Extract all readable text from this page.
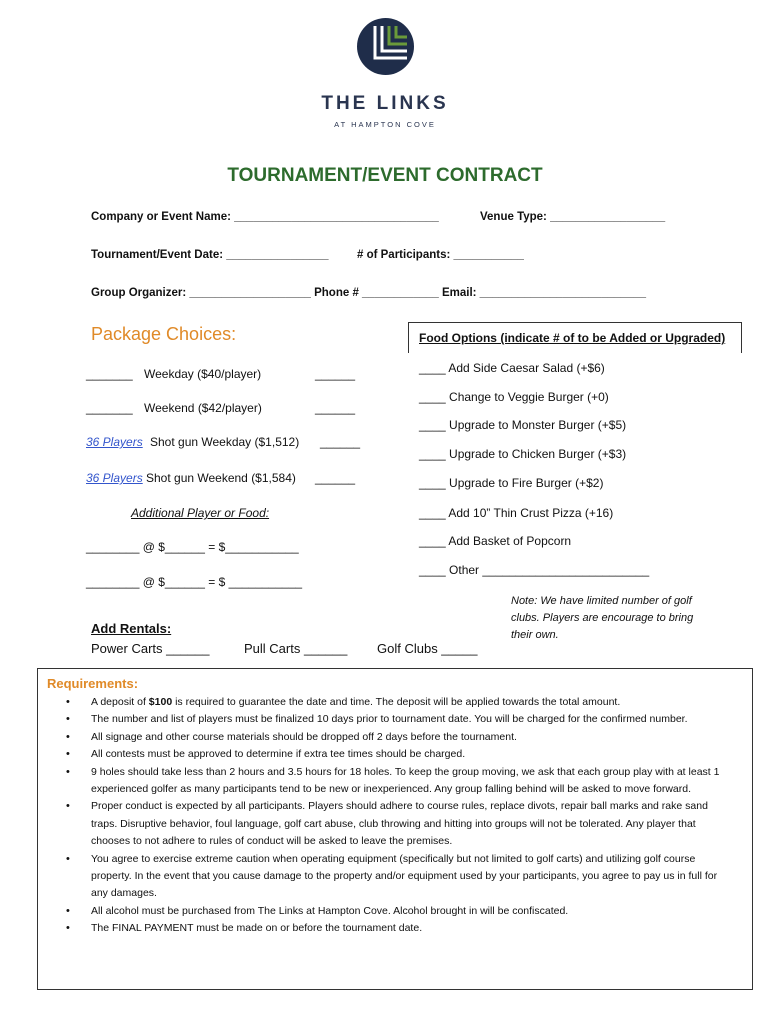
THE LINKS
AT HAMPTON COVE
TOURNAMENT/EVENT CONTRACT
Company or Event Name: ________________________________	Venue Type: __________________
Tournament/Event Date: ________________ # of Participants: ___________
Group Organizer: ___________________ Phone # ____________ Email: __________________________
Package Choices:
_______ Weekday ($40/player)	______
_______ Weekend ($42/player)	______
36 Players Shot gun Weekday ($1,512) ______
36 Players Shot gun Weekend ($1,584) ______
Additional Player or Food:
________ @ $______ = $___________
________ @ $______ = $ ___________
Food Options (indicate # of to be Added or Upgraded)
____ Add Side Caesar Salad (+$6)
____ Change to Veggie Burger (+0)
____ Upgrade to Monster Burger (+$5)
____ Upgrade to Chicken Burger (+$3)
____ Upgrade to Fire Burger (+$2)
____ Add 10” Thin Crust Pizza (+16)
____ Add Basket of Popcorn
____ Other _________________________
Note: We have limited number of golf
clubs. Players are encourage to bring
their own.
Add Rentals:
Power Carts ______	Pull Carts ______ Golf Clubs _____
Requirements:
• A deposit of $100 is required to guarantee the date and time. The deposit will be applied towards the total amount.
• The number and list of players must be finalized 10 days prior to tournament date. You will be charged for the confirmed number.
• All signage and other course materials should be dropped off 2 days before the tournament.
• All contests must be approved to determine if extra tee times should be charged.
• 9 holes should take less than 2 hours and 3.5 hours for 18 holes. To keep the group moving, we ask that each group play with at least 1 experienced golfer as many participants tend to be new or inexperienced. Any group falling behind will be asked to move forward.
• Proper conduct is expected by all participants. Players should adhere to course rules, replace divots, repair ball marks and rake sand traps. Disruptive behavior, foul language, golf cart abuse, club throwing and hitting into groups will not be tolerated. Any player that chooses to not adhere to rules of conduct will be asked to leave the premises.
• You agree to exercise extreme caution when operating equipment (specifically but not limited to golf carts) and utilizing golf course property. In the event that you cause damage to the property and/or equipment used by your participants, you agree to pay us in full for any damages.
• All alcohol must be purchased from The Links at Hampton Cove. Alcohol brought in will be confiscated.
• The FINAL PAYMENT must be made on or before the tournament date.
